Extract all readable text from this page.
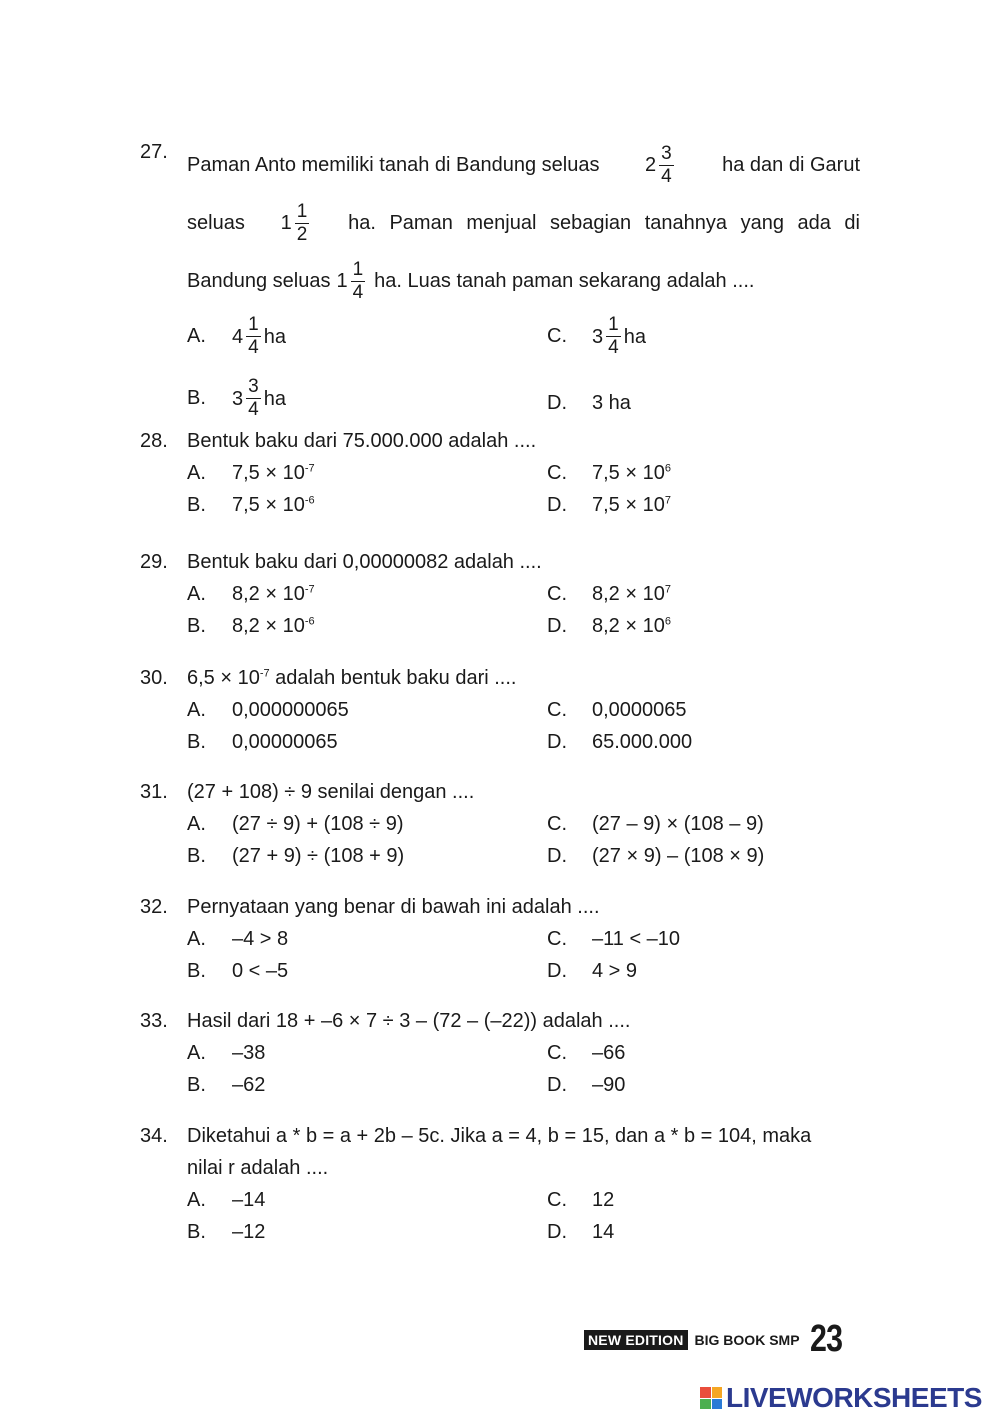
27.
Paman Anto memiliki tanah di Bandung seluas $2 \frac{3}{4}$ ha dan di Garut
seluas $1 \frac{1}{2}$ ha. Paman menjual sebagian tanahnya yang ada di
Bandung seluas $1 \frac{1}{4}$ ha. Luas tanah paman sekarang adalah ....
A. $4 \frac{1}{4}$ ha	C. $3 \frac{1}{4}$ ha
B. $3 \frac{3}{4}$ ha	D. 3 ha
28. Bentuk baku dari 75.000.000 adalah ....
A. $7,5 \times 10^{-7}$	C. $7,5 \times 10^6$
B. $7,5 \times 10^{-6}$	D. $7,5 \times 10^7$
29. Bentuk baku dari 0,00000082 adalah ....
A. $8,2 \times 10^{-7}$	C. $8,2 \times 10^7$
B. $8,2 \times 10^{-6}$	D. $8,2 \times 10^6$
30. $6,5 \times 10^{-7}$ adalah bentuk baku dari ....
A. 0,000000065	C. 0,0000065
B. 0,00000065	D. 65.000.000
31. (27 + 108) ÷ 9 senilai dengan ....
A. (27 ÷ 9) + (108 ÷ 9)	C. (27 – 9) × (108 – 9)
B. (27 + 9) ÷ (108 + 9)	D. (27 × 9) – (108 × 9)
32. Pernyataan yang benar di bawah ini adalah ....
A. –4 > 8	C. –11 < –10
B. 0 < –5	D. 4 > 9
33. Hasil dari 18 + –6 × 7 ÷ 3 – (72 – (–22)) adalah ....
A. –38	C. –66
B. –62	D. –90
34. Diketahui a * b = a + 2b – 5c. Jika a = 4, b = 15, dan a * b = 104, maka
nilai r adalah ....
A. –14	C. 12
B. –12	D. 14
NEW EDITION BIG BOOK SMP 23
LIVEWORKSHEETS
